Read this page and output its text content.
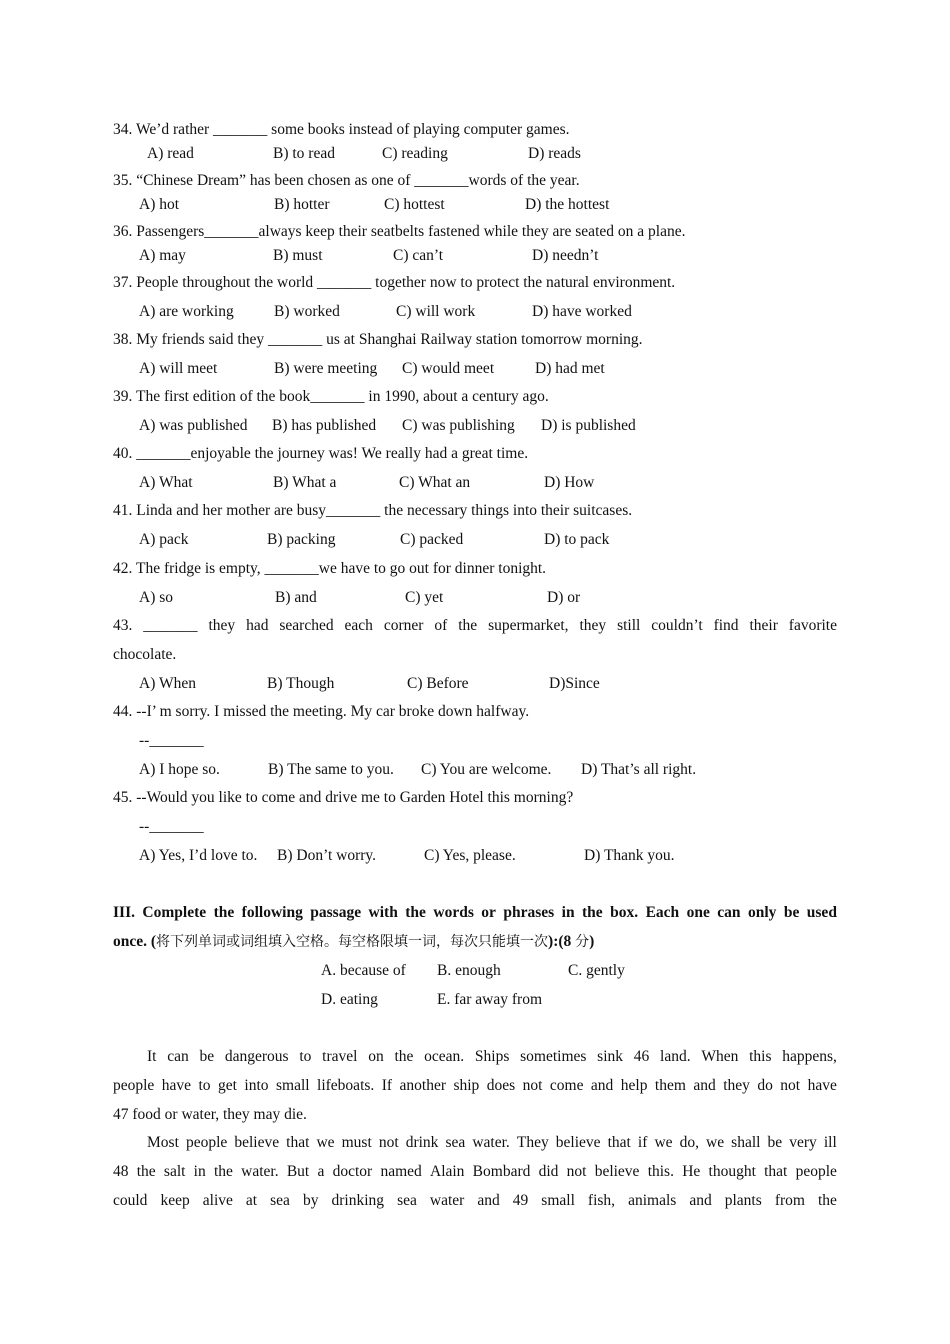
34. We’d rather _______ some books instead of playing computer games.
A) read	B) to read	C) reading	D) reads
35. “Chinese Dream” has been chosen as one of _______words of the year.
A) hot	B) hotter	C) hottest	D) the hottest
36. Passengers_______always keep their seatbelts fastened while they are seated on a plane.
A) may	B) must	C) can’t	D) needn’t
37. People throughout the world _______ together now to protect the natural environment.
A) are working	B) worked	C) will work	D) have worked
38. My friends said they _______ us at Shanghai Railway station tomorrow morning.
A) will meet	B) were meeting C) would meet	D) had met
39. The first edition of the book_______ in 1990, about a century ago.
A) was published B) has published C) was publishing D) is published
40. _______enjoyable the journey was! We really had a great time.
A) What	B) What a	C) What an	D) How
41. Linda and her mother are busy_______ the necessary things into their suitcases.
A) pack	B) packing	C) packed	D) to pack
42. The fridge is empty, _______we have to go out for dinner tonight.
A) so	B) and	C) yet	D) or
43. _______ they had searched each corner of the supermarket, they still couldn’t find their favorite
chocolate.
A) When	B) Though	C) Before	D)Since
44. --I’ m sorry. I missed the meeting. My car broke down halfway.
--_______
A) I hope so.	B) The same to you. C) You are welcome. D) That’s all right.
45. --Would you like to come and drive me to Garden Hotel this morning?
--_______
A) Yes, I’d love to. B) Don’t worry.	C) Yes, please.	D) Thank you.
III. Complete the following passage with the words or phrases in the box. Each one can only be used
once. (将下列单词或词组填入空格。每空格限填一词，每次只能填一次):(8 分)
A. because of B. enough	C. gently
D. eating	E. far away from
It can be dangerous to travel on the ocean. Ships sometimes sink 46 land. When this happens,
people have to get into small lifeboats. If another ship does not come and help them and they do not have
47 food or water, they may die.
Most people believe that we must not drink sea water. They believe that if we do, we shall be very ill
48 the salt in the water. But a doctor named Alain Bombard did not believe this. He thought that people
could keep alive at sea by drinking sea water and 49 small fish, animals and plants from the
